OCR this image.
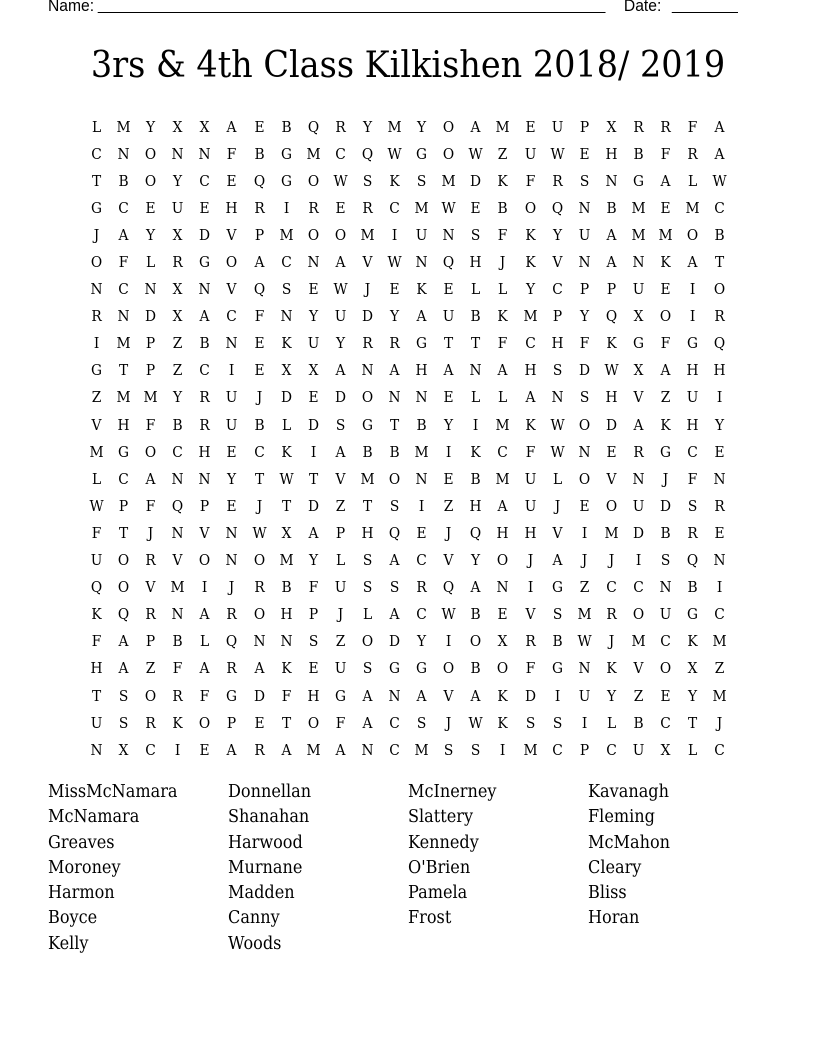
Name:	Date:
3rs & 4th Class Kilkishen 2018/ 2019
L	M	Y	X	X	A	E	B	Q	R	Y	M	Y	O	A	M	E	U	P	X	R	R	F	A
C	N	O	N	N	F	B	G	M	C	Q W	G	O W	Z	U W	E	H	B	F	R	A
T	B	O	Y	C	E	Q	G	O W	S	K	S	M	D	K	F	R	S	N	G	A	L	W
G	C	E	U	E	H	R	I	R	E	R	C	M W	E	B	O	Q	N	B	M	E	M	C
J	A	Y	X	D	V	P	M O	O M	I	U	N	S	F	K	Y	U	A	M M O	B
O	F	L	R	G	O	A	C	N	A	V	W N	Q	H	J	K	V	N	A	N	K	A	T
N	C	N	X	N	V	Q	S	E	W	J	E	K	E	L	L	Y	C	P	P	U	E	I	O
R	N	D	X	A	C	F	N	Y	U	D	Y	A	U	B	K	M	P	Y	Q	X	O	I	R
I	M	P	Z	B	N	E	K	U	Y	R	R	G	T	T	F	C	H	F	K	G	F	G	Q
G	T	P	Z	C	I	E	X	X	A	N	A	H	A	N	A	H	S	D W	X	A	H	H
Z	M M	Y	R	U	J	D	E	D	O	N	N	E	L	L	A	N	S	H	V	Z	U	I
V	H	F	B	R	U	B	L	D	S	G	T	B	Y	I	M	K	W O	D	A	K	H	Y
M	G	O	C	H	E	C	K	I	A	B	B	M	I	K	C	F	W N	E	R	G	C	E
L	C	A	N	N	Y	T	W	T	V	M O	N	E	B	M U	L	O	V	N	J	F	N
W	P	F	Q	P	E	J	T	D	Z	T	S	I	Z	H	A	U	J	E	O	U	D	S	R
F	T	J	N	V	N W	X	A	P	H	Q	E	J	Q	H	H	V	I	M	D	B	R	E
U	O	R	V	O	N	O M	Y	L	S	A	C	V	Y	O	J	A	J	J	I	S	Q	N
Q	O	V	M	I	J	R	B	F	U	S	S	R	Q	A	N	I	G	Z	C	C	N	B	I
K	Q	R	N	A	R	O	H	P	J	L	A	C	W	B	E	V	S	M	R	O	U	G	C
F	A	P	B	L	Q	N	N	S	Z	O	D	Y	I	O	X	R	B	W	J	M	C	K	M
H	A	Z	F	A	R	A	K	E	U	S	G	G	O	B	O	F	G	N	K	V	O	X	Z
T	S	O	R	F	G	D	F	H	G	A	N	A	V	A	K	D	I	U	Y	Z	E	Y	M
U	S	R	K	O	P	E	T	O	F	A	C	S	J	W	K	S	S	I	L	B	C	T	J
N	X	C	I	E	A	R	A	M	A	N	C	M	S	S	I	M	C	P	C	U	X	L	C
MissMcNamara
McNamara
Greaves
Moroney
Harmon
Boyce
Kelly
Donnellan
Shanahan
Harwood
Murnane
Madden
Canny
Woods
McInerney
Slattery
Kennedy
O'Brien
Pamela
Frost
Kavanagh
Fleming
McMahon
Cleary
Bliss
Horan
